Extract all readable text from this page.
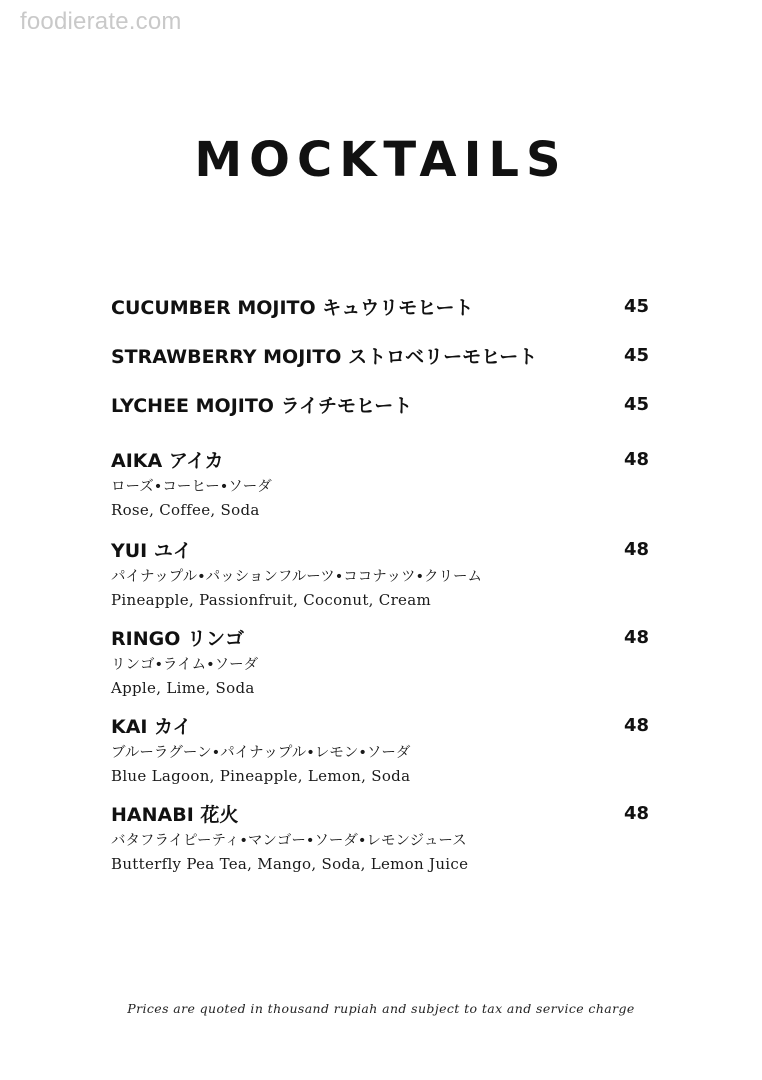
foodierate.com
MOCKTAILS
CUCUMBER MOJITO キュウリモヒート	45
STRAWBERRY MOJITO ストロベリーモヒート	45
LYCHEE MOJITO ライチモヒート	45
AIKA アイカ	48
ローズ•コーヒー•ソーダ
Rose, Coffee, Soda
YUI ユイ	48
パイナップル•パッションフルーツ•ココナッツ•クリーム
Pineapple, Passionfruit, Coconut, Cream
RINGO リンゴ	48
リンゴ•ライム•ソーダ
Apple, Lime, Soda
KAI カイ	48
ブルーラグーン•パイナップル•レモン•ソーダ
Blue Lagoon, Pineapple, Lemon, Soda
HANABI 花火	48
バタフライピーティ•マンゴー•ソーダ•レモンジュース
Butterfly Pea Tea, Mango, Soda, Lemon Juice
Prices are quoted in thousand rupiah and subject to tax and service charge
